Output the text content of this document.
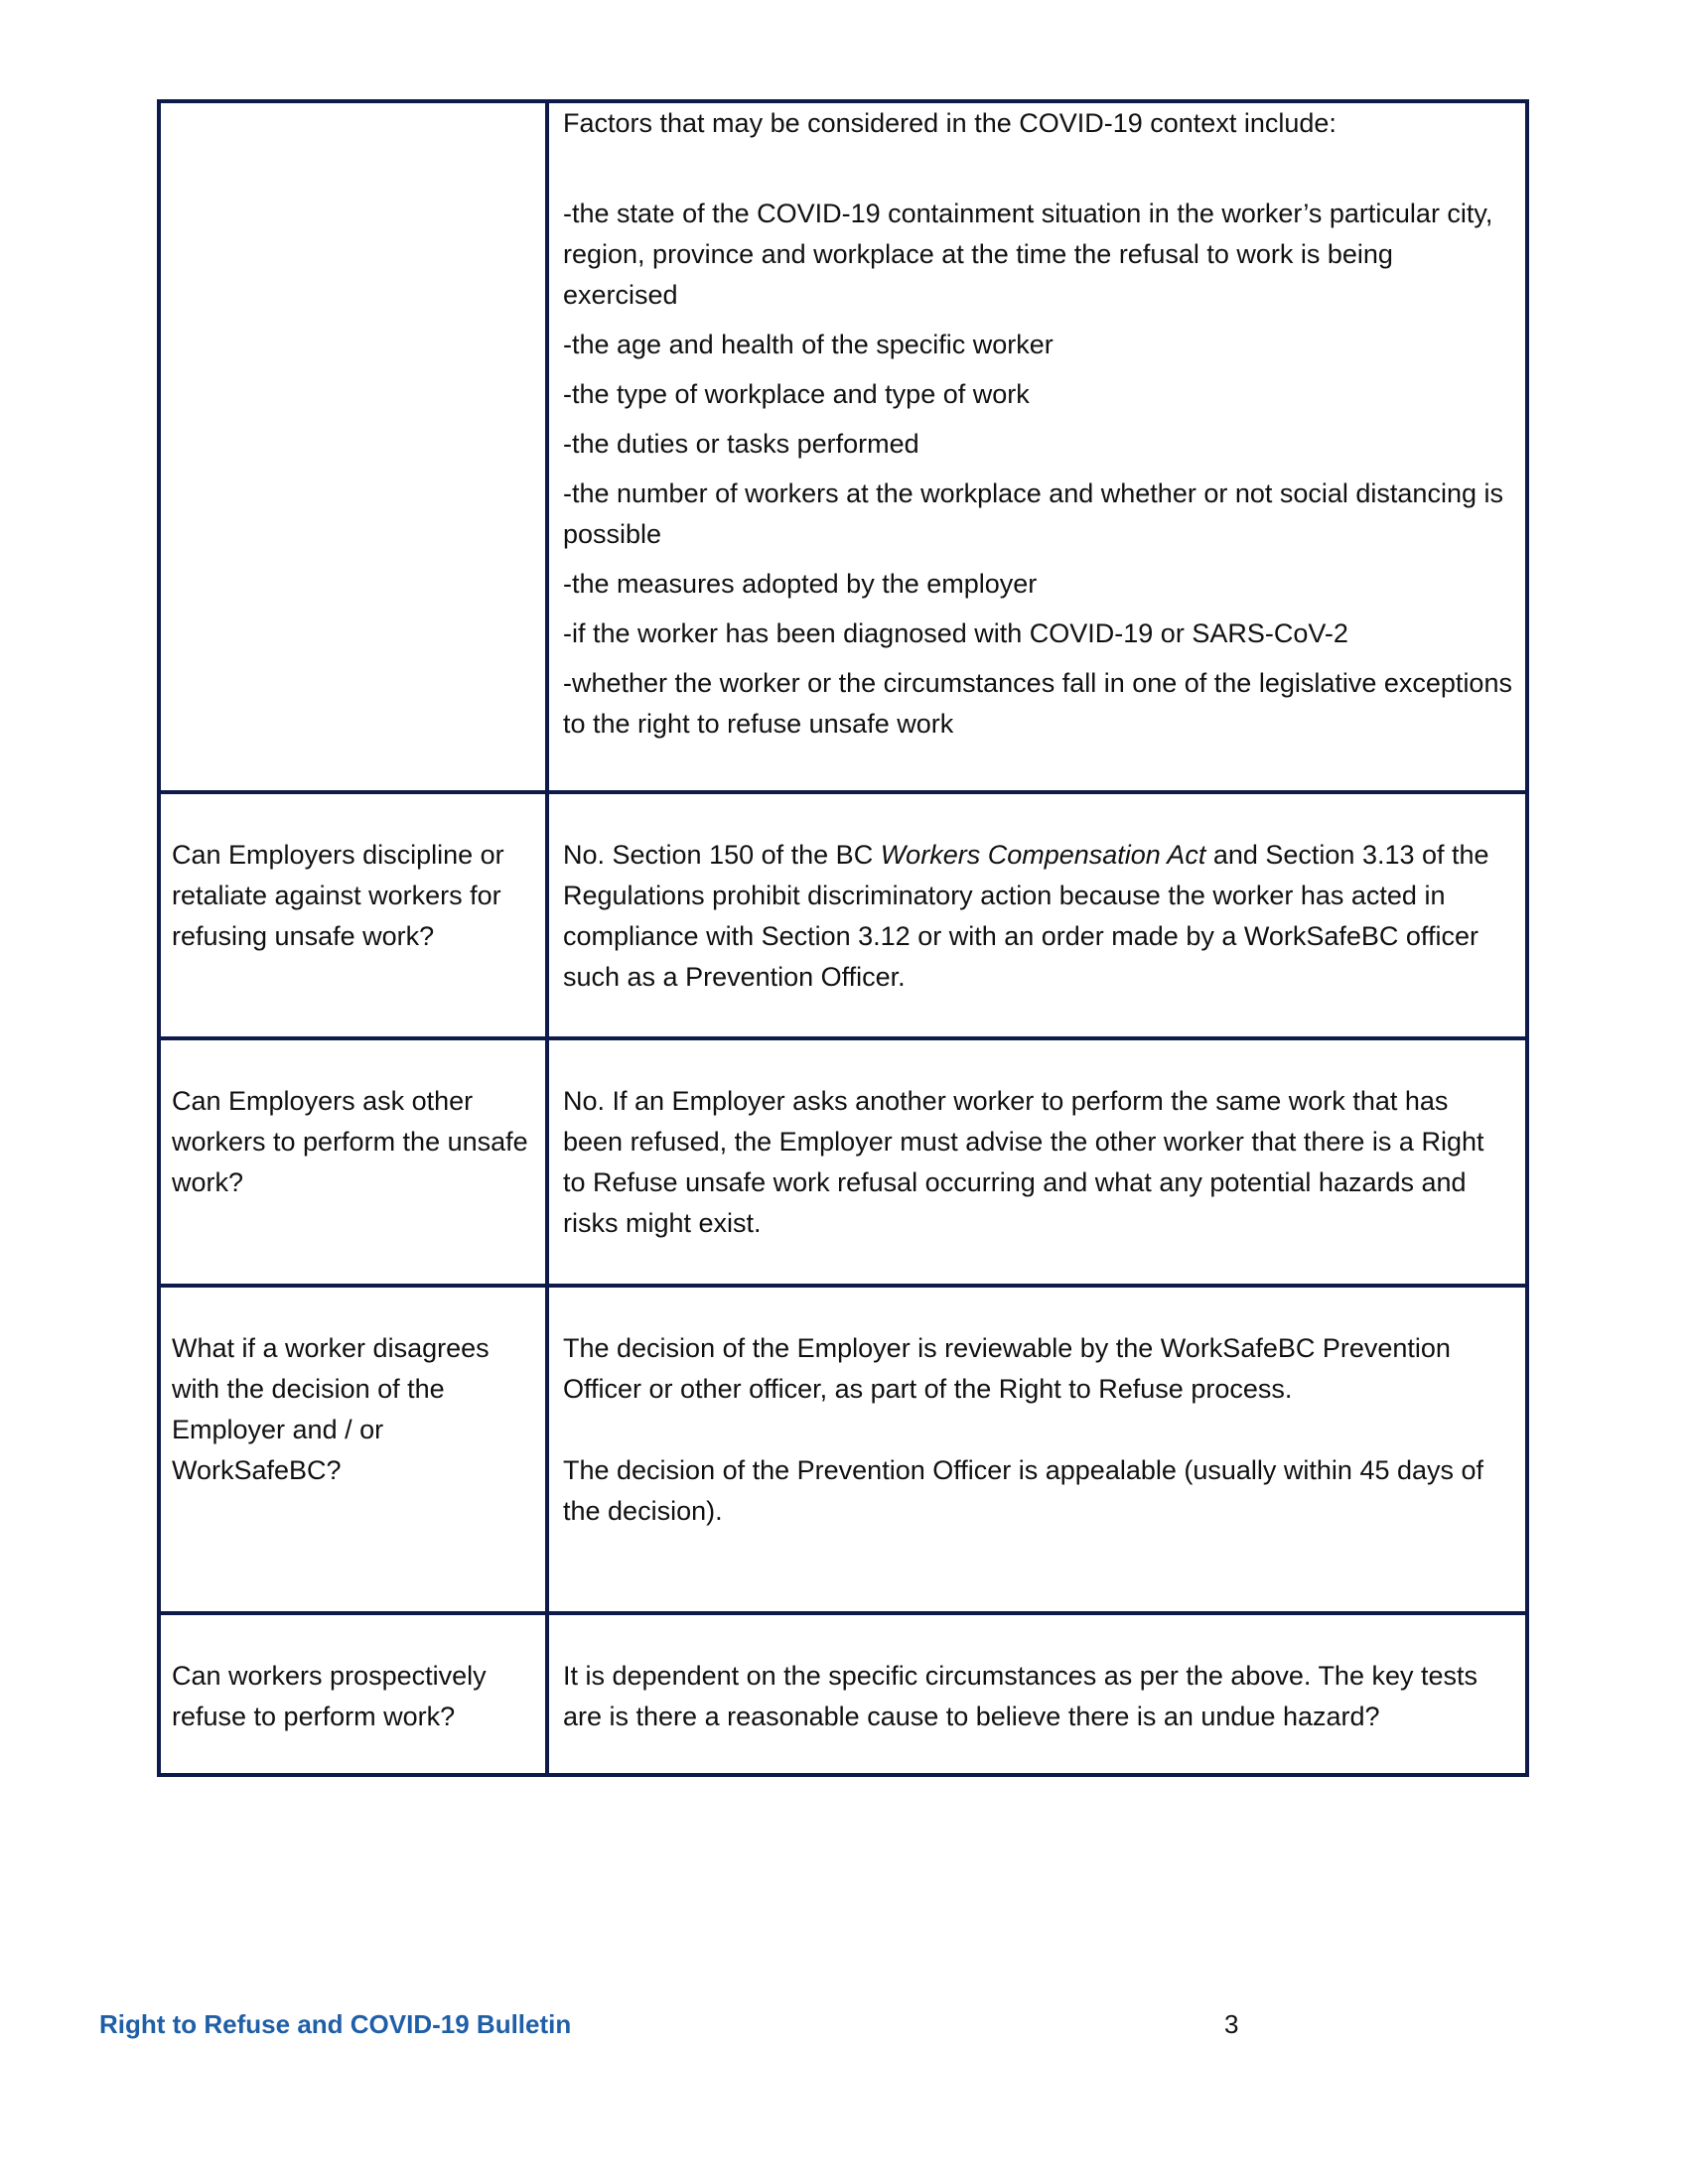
Factors that may be considered in the COVID-19 context include:

-the state of the COVID-19 containment situation in the worker’s particular city, region, province and workplace at the time the refusal to work is being exercised

-the age and health of the specific worker

-the type of workplace and type of work

-the duties or tasks performed

-the number of workers at the workplace and whether or not social distancing is possible

-the measures adopted by the employer

-if the worker has been diagnosed with COVID-19 or SARS-CoV-2

-whether the worker or the circumstances fall in one of the legislative exceptions to the right to refuse unsafe work

Can Employers discipline or retaliate against workers for refusing unsafe work?

No. Section 150 of the BC Workers Compensation Act and Section 3.13 of the Regulations prohibit discriminatory action because the worker has acted in compliance with Section 3.12 or with an order made by a WorkSafeBC officer such as a Prevention Officer.

Can Employers ask other workers to perform the unsafe work?
No. If an Employer asks another worker to perform the same work that has been refused, the Employer must advise the other worker that there is a Right to Refuse unsafe work refusal occurring and what any potential hazards and risks might exist.
What if a worker disagrees with the decision of the Employer and / or WorkSafeBC?

The decision of the Employer is reviewable by the WorkSafeBC Prevention Officer or other officer, as part of the Right to Refuse process.

The decision of the Prevention Officer is appealable (usually within 45 days of the decision).

Can workers prospectively refuse to perform work?
It is dependent on the specific circumstances as per the above. The key tests are is there a reasonable cause to believe there is an undue hazard?
Right to Refuse and COVID-19 Bulletin	3
